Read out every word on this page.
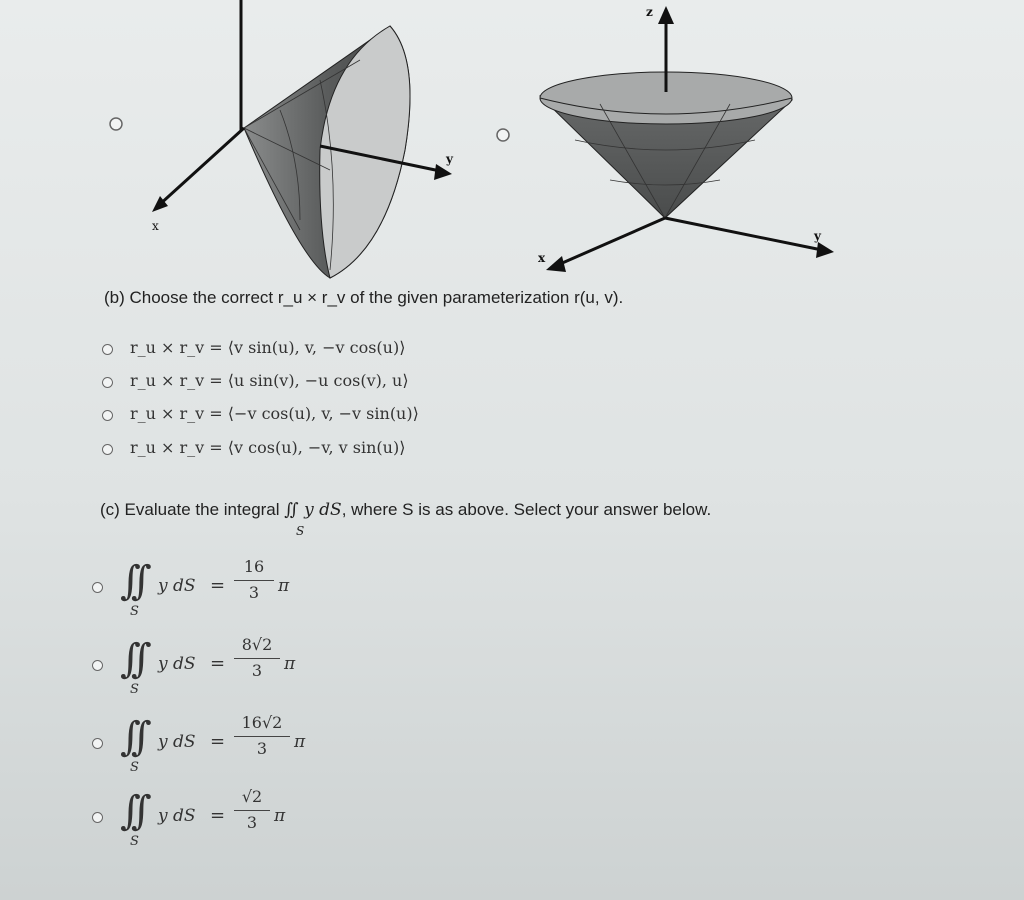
x
y
z
x
y
(b) Choose the correct r_u × r_v of the given parameterization r(u, v).
r_u × r_v = ⟨v sin(u), v, −v cos(u)⟩
r_u × r_v = ⟨u sin(v), −u cos(v), u⟩
r_u × r_v = ⟨−v cos(u), v, −v sin(u)⟩
r_u × r_v = ⟨v cos(u), −v, v sin(u)⟩
(c) Evaluate the integral ∬ y dS, where S is as above. Select your answer below.
S
∫∫
S
y dS =
16
3	π
∫∫
S
y dS =
8√2
3	π
∫∫
S
y dS =
16√2
3	π
∫∫
S
y dS =
√2
3 π
